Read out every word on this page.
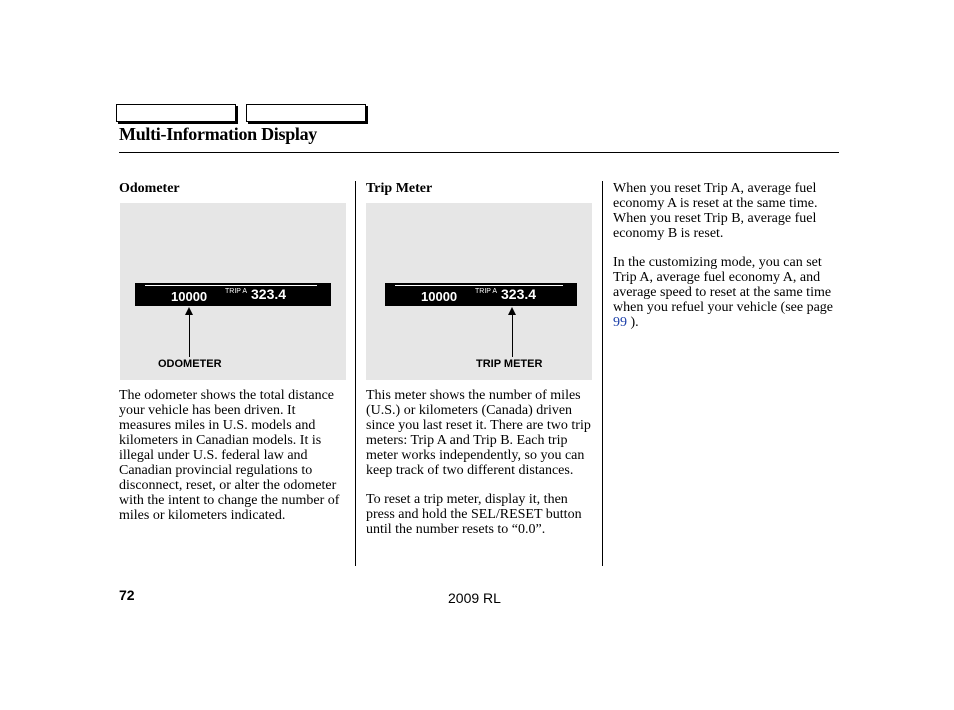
Multi-Information Display

Odometer

10000	TRIP A 323.4
ODOMETER

The odometer shows the total distance your vehicle has been driven. It measures miles in U.S. models and kilometers in Canadian models. It is illegal under U.S. federal law and Canadian provincial regulations to disconnect, reset, or alter the odometer with the intent to change the number of miles or kilometers indicated.

Trip Meter

10000	TRIP A 323.4
TRIP METER

This meter shows the number of miles (U.S.) or kilometers (Canada) driven since you last reset it. There are two trip meters: Trip A and Trip B. Each trip meter works independently, so you can keep track of two different distances.

To reset a trip meter, display it, then press and hold the SEL/RESET button until the number resets to “0.0”.

When you reset Trip A, average fuel economy A is reset at the same time. When you reset Trip B, average fuel economy B is reset.

In the customizing mode, you can set Trip A, average fuel economy A, and average speed to reset at the same time when you refuel your vehicle (see page 99 ).

72	2009 RL
